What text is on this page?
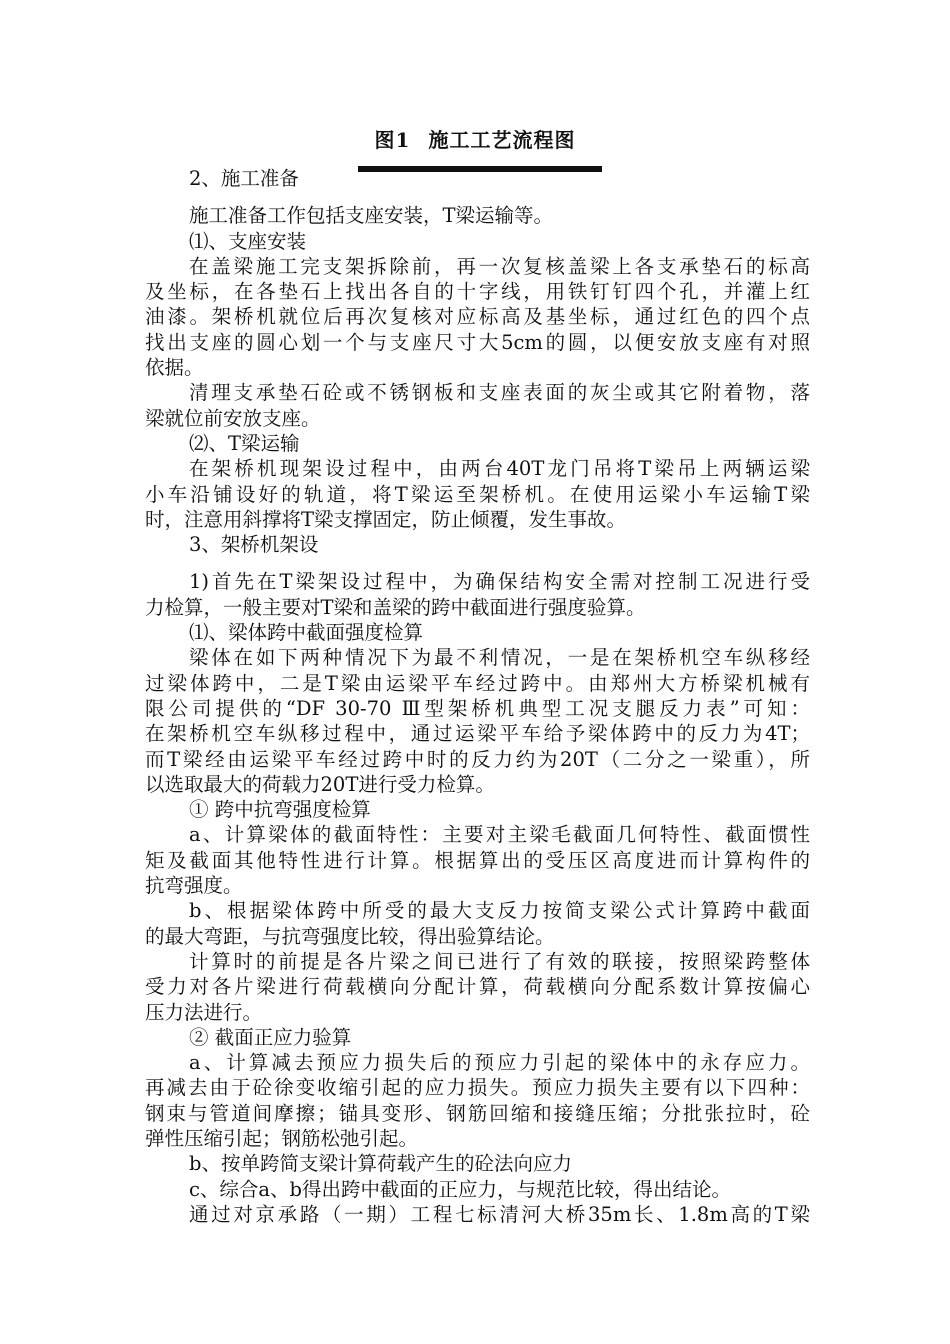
图1 施工工艺流程图
2、施工准备
施工准备工作包括支座安装，T梁运输等。
⑴、支座安装
在盖梁施工完支架拆除前，再一次复核盖梁上各支承垫石的标高
及坐标，在各垫石上找出各自的十字线，用铁钉钉四个孔，并灌上红
油漆。架桥机就位后再次复核对应标高及基坐标，通过红色的四个点
找出支座的圆心划一个与支座尺寸大5cm的圆，以便安放支座有对照
依据。
清理支承垫石砼或不锈钢板和支座表面的灰尘或其它附着物，落
梁就位前安放支座。
⑵、T梁运输
在架桥机现架设过程中，由两台40T龙门吊将T梁吊上两辆运梁
小车沿铺设好的轨道，将T梁运至架桥机。在使用运梁小车运输T梁
时，注意用斜撑将T梁支撑固定，防止倾覆，发生事故。
3、架桥机架设
1)首先在T梁架设过程中，为确保结构安全需对控制工况进行受
力检算，一般主要对T梁和盖梁的跨中截面进行强度验算。
⑴、梁体跨中截面强度检算
梁体在如下两种情况下为最不利情况，一是在架桥机空车纵移经
过梁体跨中，二是T梁由运梁平车经过跨中。由郑州大方桥梁机械有
限公司提供的“DF 30-70 Ⅲ型架桥机典型工况支腿反力表”可知：
在架桥机空车纵移过程中，通过运梁平车给予梁体跨中的反力为4T；
而T梁经由运梁平车经过跨中时的反力约为20T（二分之一梁重），所
以选取最大的荷载力20T进行受力检算。
① 跨中抗弯强度检算
a、计算梁体的截面特性：主要对主梁毛截面几何特性、截面惯性
矩及截面其他特性进行计算。根据算出的受压区高度进而计算构件的
抗弯强度。
b、根据梁体跨中所受的最大支反力按简支梁公式计算跨中截面
的最大弯距，与抗弯强度比较，得出验算结论。
计算时的前提是各片梁之间已进行了有效的联接，按照梁跨整体
受力对各片梁进行荷载横向分配计算，荷载横向分配系数计算按偏心
压力法进行。
② 截面正应力验算
a、计算减去预应力损失后的预应力引起的梁体中的永存应力。
再减去由于砼徐变收缩引起的应力损失。预应力损失主要有以下四种：
钢束与管道间摩擦；锚具变形、钢筋回缩和接缝压缩；分批张拉时，砼
弹性压缩引起；钢筋松弛引起。
b、按单跨简支梁计算荷载产生的砼法向应力
c、综合a、b得出跨中截面的正应力，与规范比较，得出结论。
通过对京承路（一期）工程七标清河大桥35m长、1.8m高的T梁
